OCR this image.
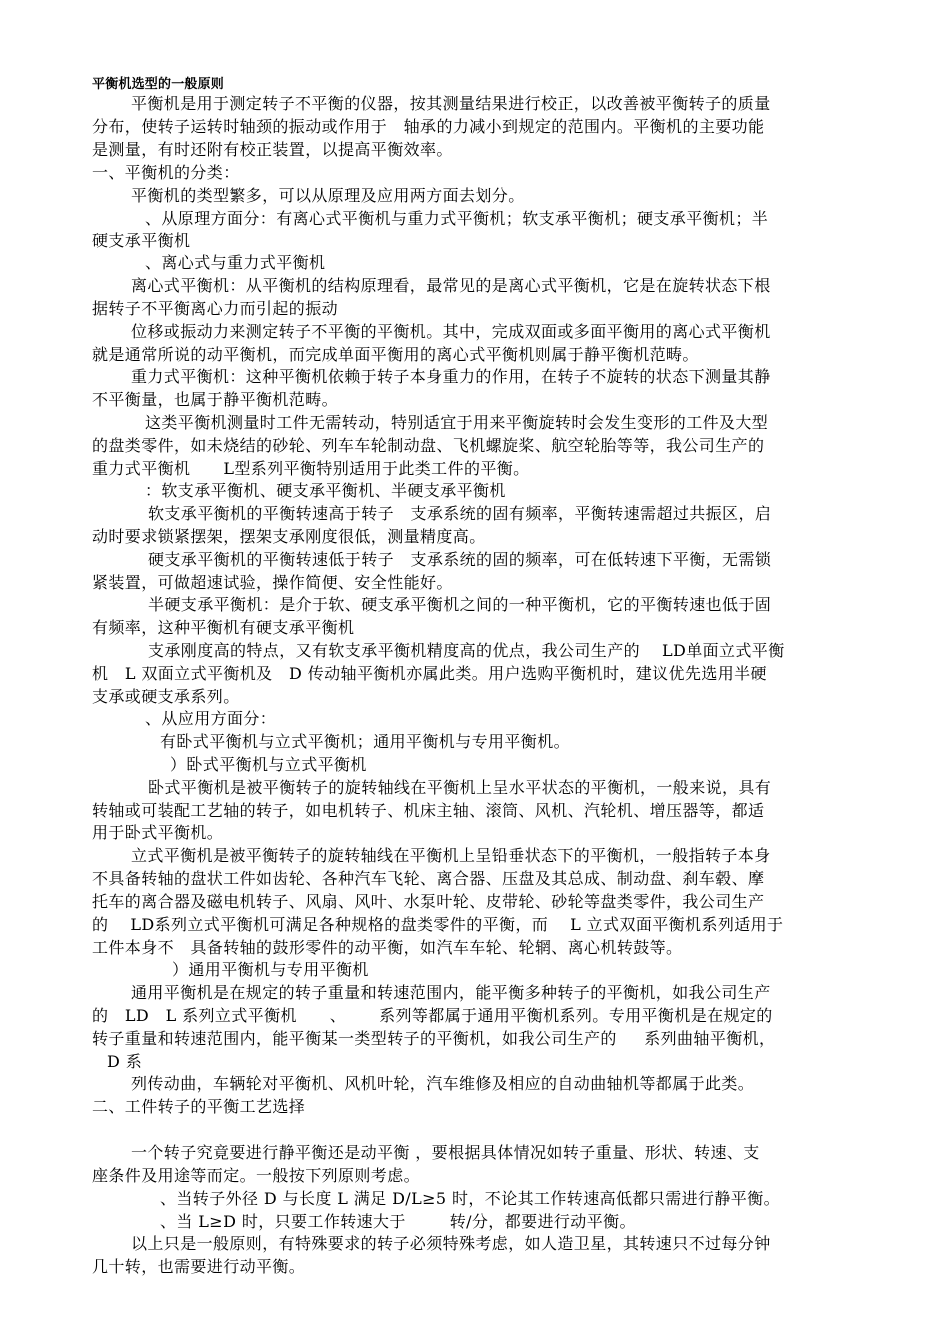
平衡机选型的一般原则

平衡机是用于测定转子不平衡的仪器，按其测量结果进行校正，以改善被平衡转子的质量

分布，使转子运转时轴颈的振动或作用于   轴承的力减小到规定的范围内。平衡机的主要功能

是测量，有时还附有校正装置，以提高平衡效率。

一、平衡机的分类：

平衡机的类型繁多，可以从原理及应用两方面去划分。

、从原理方面分：有离心式平衡机与重力式平衡机；软支承平衡机；硬支承平衡机；半

硬支承平衡机

、离心式与重力式平衡机

离心式平衡机：从平衡机的结构原理看，最常见的是离心式平衡机，它是在旋转状态下根

据转子不平衡离心力而引起的振动

位移或振动力来测定转子不平衡的平衡机。其中，完成双面或多面平衡用的离心式平衡机

就是通常所说的动平衡机，而完成单面平衡用的离心式平衡机则属于静平衡机范畴。

重力式平衡机：这种平衡机依赖于转子本身重力的作用，在转子不旋转的状态下测量其静

不平衡量，也属于静平衡机范畴。

这类平衡机测量时工件无需转动，特别适宜于用来平衡旋转时会发生变形的工件及大型

的盘类零件，如未烧结的砂轮、列车车轮制动盘、飞机螺旋桨、航空轮胎等等，我公司生产的

重力式平衡机      L型系列平衡特别适用于此类工件的平衡。

：软支承平衡机、硬支承平衡机、半硬支承平衡机

软支承平衡机的平衡转速高于转子   支承系统的固有频率，平衡转速需超过共振区，启

动时要求锁紧摆架，摆架支承刚度很低，测量精度高。

硬支承平衡机的平衡转速低于转子   支承系统的固的频率，可在低转速下平衡，无需锁

紧装置，可做超速试验，操作简便、安全性能好。

半硬支承平衡机：是介于软、硬支承平衡机之间的一种平衡机，它的平衡转速也低于固

有频率，这种平衡机有硬支承平衡机

支承刚度高的特点，又有软支承平衡机精度高的优点，我公司生产的    LD单面立式平衡

机   L 双面立式平衡机及   D 传动轴平衡机亦属此类。用户选购平衡机时，建议优先选用半硬

支承或硬支承系列。

、从应用方面分：

有卧式平衡机与立式平衡机；通用平衡机与专用平衡机。

）卧式平衡机与立式平衡机

卧式平衡机是被平衡转子的旋转轴线在平衡机上呈水平状态的平衡机，一般来说，具有

转轴或可装配工艺轴的转子，如电机转子、机床主轴、滚筒、风机、汽轮机、增压器等，都适

用于卧式平衡机。

立式平衡机是被平衡转子的旋转轴线在平衡机上呈铅垂状态下的平衡机，一般指转子本身

不具备转轴的盘状工件如齿轮、各种汽车飞轮、离合器、压盘及其总成、制动盘、刹车毂、摩

托车的离合器及磁电机转子、风扇、风叶、水泵叶轮、皮带轮、砂轮等盘类零件，我公司生产

的    LD系列立式平衡机可满足各种规格的盘类零件的平衡，而    L 立式双面平衡机系列适用于

工件本身不   具备转轴的鼓形零件的动平衡，如汽车车轮、轮辋、离心机转鼓等。

）通用平衡机与专用平衡机

通用平衡机是在规定的转子重量和转速范围内，能平衡多种转子的平衡机，如我公司生产

的   LD   L 系列立式平衡机      、      系列等都属于通用平衡机系列。专用平衡机是在规定的

转子重量和转速范围内，能平衡某一类型转子的平衡机，如我公司生产的     系列曲轴平衡机，

D 系

列传动曲，车辆轮对平衡机、风机叶轮，汽车维修及相应的自动曲轴机等都属于此类。

二、工件转子的平衡工艺选择

一个转子究竟要进行静平衡还是动平衡 ，要根据具体情况如转子重量、形状、转速、支

座条件及用途等而定。一般按下列原则考虑。

、当转子外径 D 与长度 L 满足 D/L≥5 时，不论其工作转速高低都只需进行静平衡。

、当 L≥D 时，只要工作转速大于        转/分，都要进行动平衡。

以上只是一般原则，有特殊要求的转子必须特殊考虑，如人造卫星，其转速只不过每分钟

几十转，也需要进行动平衡。
